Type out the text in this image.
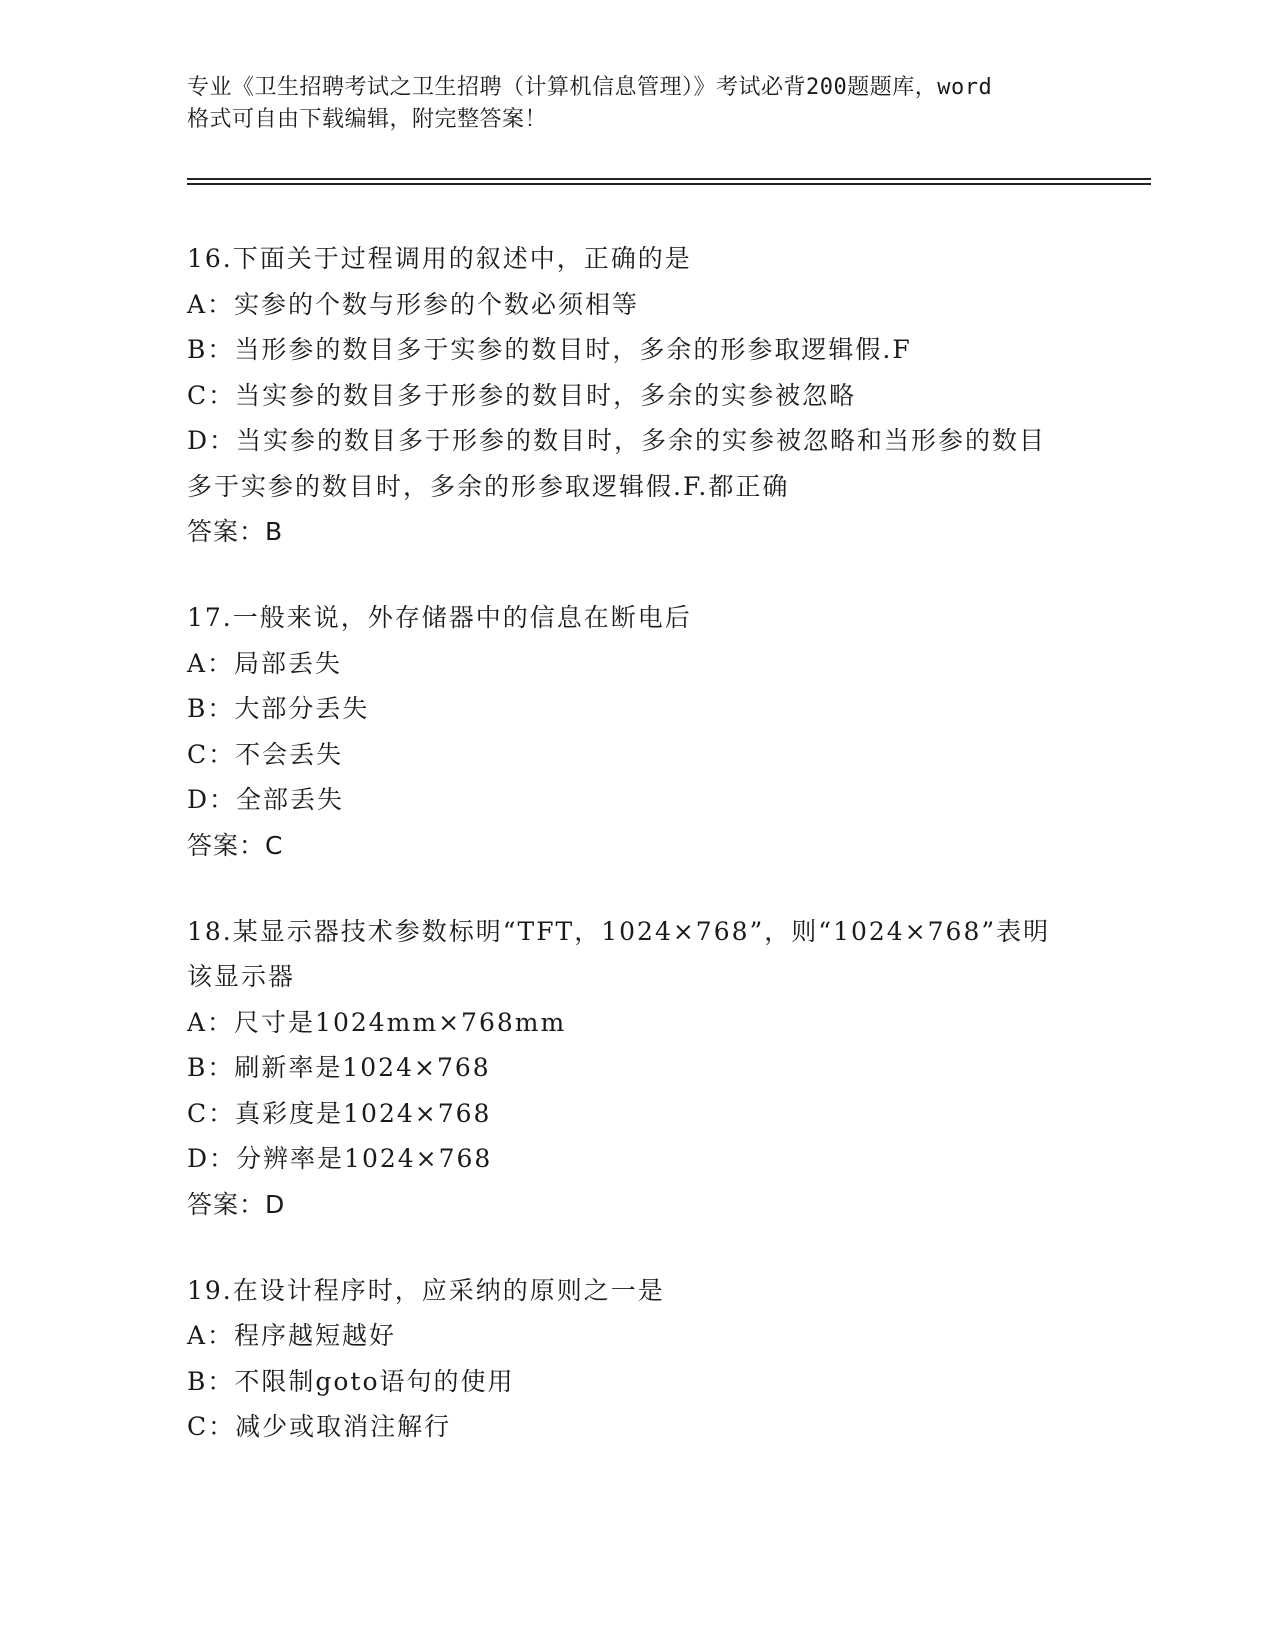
专业《卫生招聘考试之卫生招聘（计算机信息管理）》考试必背200题题库，word
格式可自由下载编辑，附完整答案！
16.下面关于过程调用的叙述中，正确的是
A：实参的个数与形参的个数必须相等
B：当形参的数目多于实参的数目时，多余的形参取逻辑假.F
C：当实参的数目多于形参的数目时，多余的实参被忽略
D：当实参的数目多于形参的数目时，多余的实参被忽略和当形参的数目多于实参的数目时，多余的形参取逻辑假.F.都正确
答案：B
17.一般来说，外存储器中的信息在断电后
A：局部丢失
B：大部分丢失
C：不会丢失
D：全部丢失
答案：C
18.某显示器技术参数标明“TFT，1024×768”，则“1024×768”表明该显示器
A：尺寸是1024mm×768mm
B：刷新率是1024×768
C：真彩度是1024×768
D：分辨率是1024×768
答案：D
19.在设计程序时，应采纳的原则之一是
A：程序越短越好
B：不限制goto语句的使用
C：减少或取消注解行
